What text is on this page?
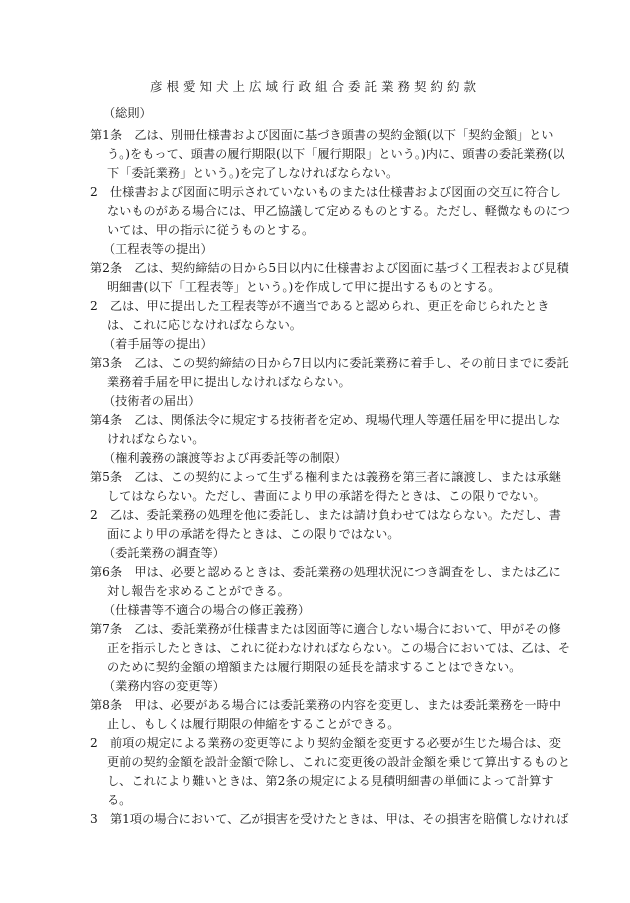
彦根愛知犬上広域行政組合委託業務契約約款
（総則）
第1条　乙は、別冊仕様書および図面に基づき頭書の契約金額(以下「契約金額」とい
う。)をもって、頭書の履行期限(以下「履行期限」という。)内に、頭書の委託業務(以
下「委託業務」という。)を完了しなければならない。
2　仕様書および図面に明示されていないものまたは仕様書および図面の交互に符合し
ないものがある場合には、甲乙協議して定めるものとする。ただし、軽微なものにつ
いては、甲の指示に従うものとする。
（工程表等の提出）
第2条　乙は、契約締結の日から5日以内に仕様書および図面に基づく工程表および見積
明細書(以下「工程表等」という。)を作成して甲に提出するものとする。
2　乙は、甲に提出した工程表等が不適当であると認められ、更正を命じられたとき
は、これに応じなければならない。
（着手届等の提出）
第3条　乙は、この契約締結の日から7日以内に委託業務に着手し、その前日までに委託
業務着手届を甲に提出しなければならない。
（技術者の届出）
第4条　乙は、関係法令に規定する技術者を定め、現場代理人等選任届を甲に提出しな
ければならない。
（権利義務の譲渡等および再委託等の制限）
第5条　乙は、この契約によって生ずる権利または義務を第三者に譲渡し、または承継
してはならない。ただし、書面により甲の承諾を得たときは、この限りでない。
2　乙は、委託業務の処理を他に委託し、または請け負わせてはならない。ただし、書
面により甲の承諾を得たときは、この限りではない。
（委託業務の調査等）
第6条　甲は、必要と認めるときは、委託業務の処理状況につき調査をし、または乙に
対し報告を求めることができる。
（仕様書等不適合の場合の修正義務）
第7条　乙は、委託業務が仕様書または図面等に適合しない場合において、甲がその修
正を指示したときは、これに従わなければならない。この場合においては、乙は、そ
のために契約金額の増額または履行期限の延長を請求することはできない。
（業務内容の変更等）
第8条　甲は、必要がある場合には委託業務の内容を変更し、または委託業務を一時中
止し、もしくは履行期限の伸縮をすることができる。
2　前項の規定による業務の変更等により契約金額を変更する必要が生じた場合は、変
更前の契約金額を設計金額で除し、これに変更後の設計金額を乗じて算出するものと
し、これにより難いときは、第2条の規定による見積明細書の単価によって計算す
る。
3　第1項の場合において、乙が損害を受けたときは、甲は、その損害を賠償しなければ
